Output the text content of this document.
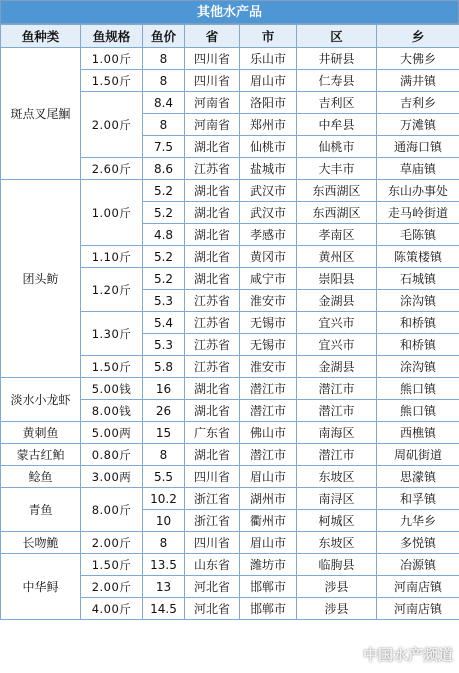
其他水产品
鱼种类	鱼规格	鱼价	省	市	区	乡
斑点叉尾鮰	1.00斤	8	四川省	乐山市	井研县	大佛乡
	1.50斤	8	四川省	眉山市	仁寿县	满井镇
	2.00斤	8.4	河南省	洛阳市	吉利区	吉利乡
		8	河南省	郑州市	中牟县	万滩镇
		7.5	湖北省	仙桃市	仙桃市	通海口镇
	2.60斤	8.6	江苏省	盐城市	大丰市	草庙镇
团头鲂	1.00斤	5.2	湖北省	武汉市	东西湖区	东山办事处
		5.2	湖北省	武汉市	东西湖区	走马岭街道
		4.8	湖北省	孝感市	孝南区	毛陈镇
	1.10斤	5.2	湖北省	黄冈市	黄州区	陈策楼镇
	1.20斤	5.2	湖北省	咸宁市	崇阳县	石城镇
		5.3	江苏省	淮安市	金湖县	涂沟镇
	1.30斤	5.4	江苏省	无锡市	宜兴市	和桥镇
		5.3	江苏省	无锡市	宜兴市	和桥镇
	1.50斤	5.8	江苏省	淮安市	金湖县	涂沟镇
淡水小龙虾	5.00钱	16	湖北省	潜江市	潜江市	熊口镇
	8.00钱	26	湖北省	潜江市	潜江市	熊口镇
黄刺鱼	5.00两	15	广东省	佛山市	南海区	西樵镇
蒙古红鲌	0.80斤	8	湖北省	潜江市	潜江市	周矶街道
鲶鱼	3.00两	5.5	四川省	眉山市	东坡区	思濛镇
青鱼	8.00斤	10.2	浙江省	湖州市	南浔区	和孚镇
		10	浙江省	衢州市	柯城区	九华乡
长吻鮠	2.00斤	8	四川省	眉山市	东坡区	多悦镇
中华鲟	1.50斤	13.5	山东省	潍坊市	临朐县	冶源镇
	2.00斤	13	河北省	邯郸市	涉县	河南店镇
	4.00斤	14.5	河北省	邯郸市	涉县	河南店镇
中国水产频道
